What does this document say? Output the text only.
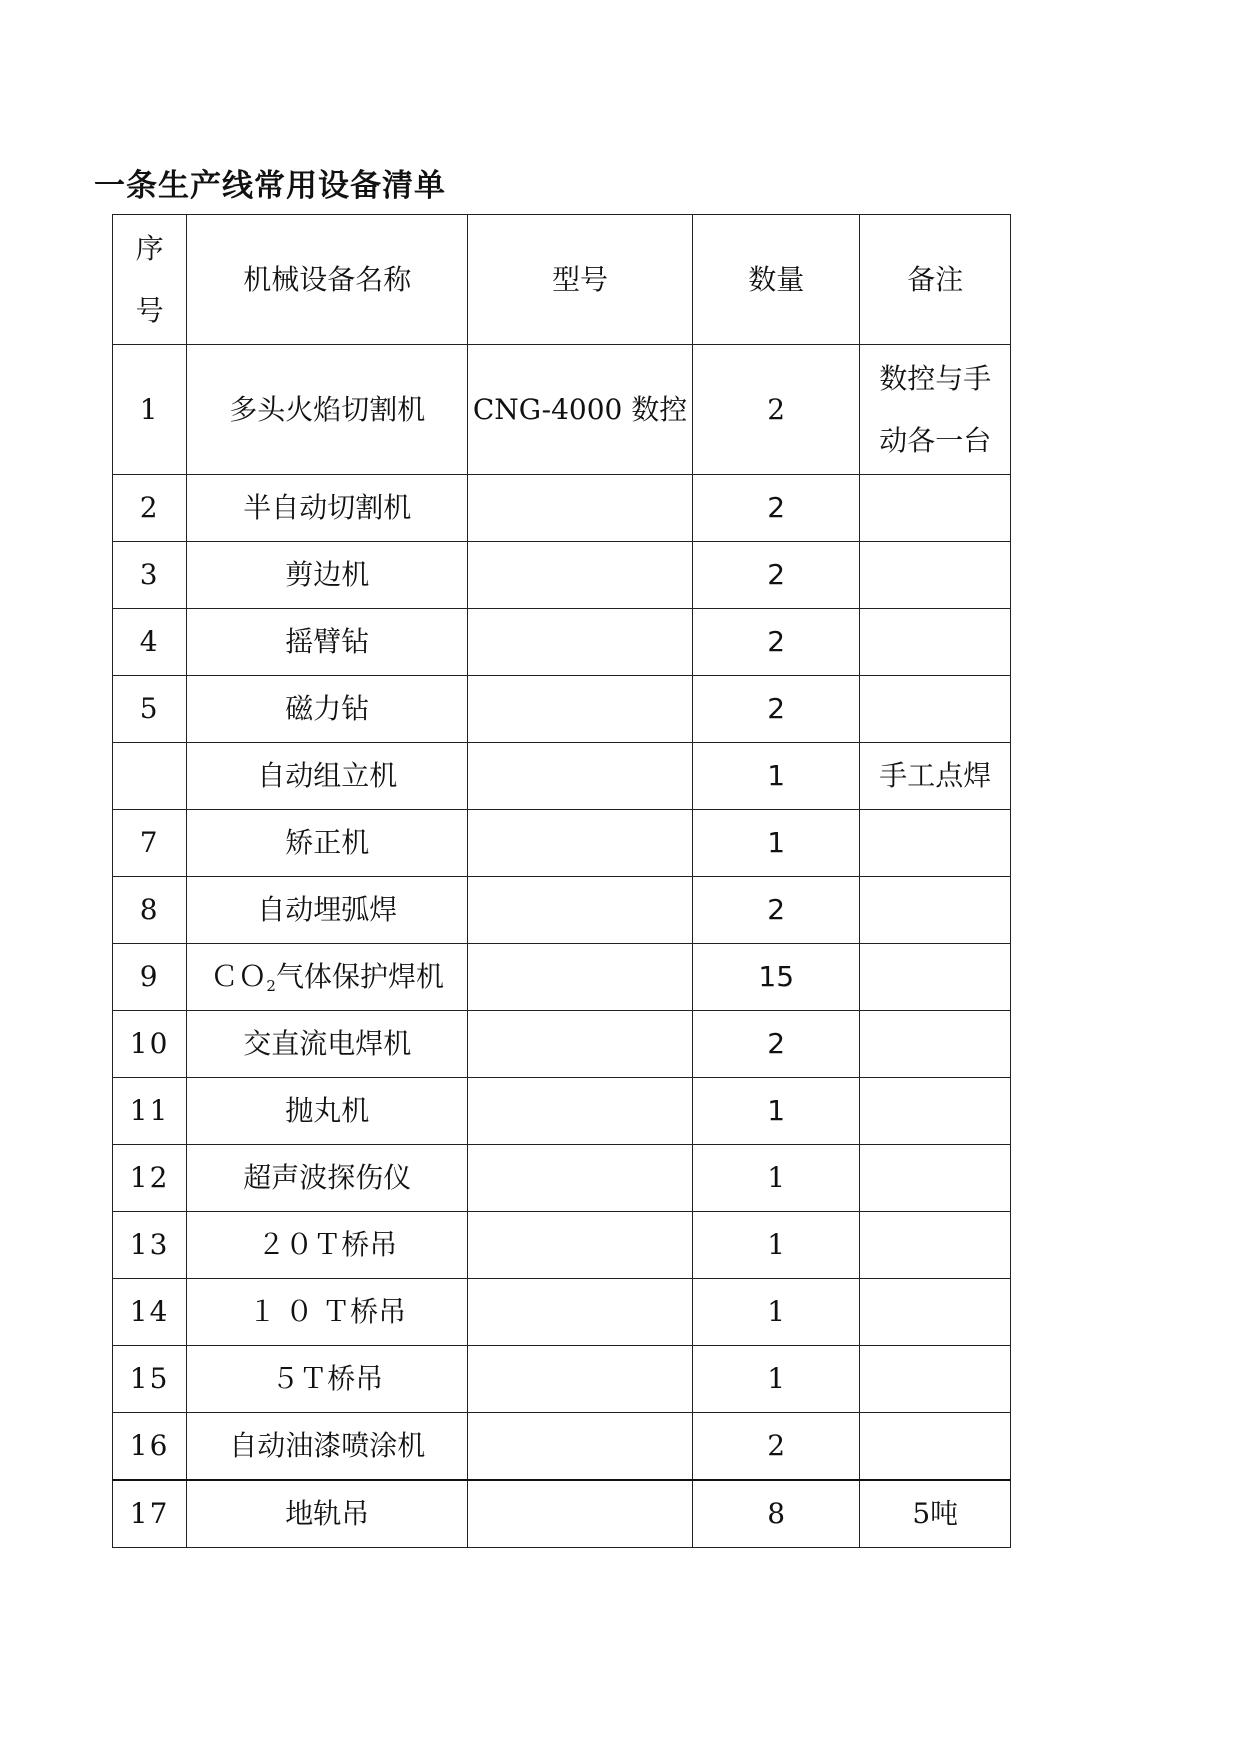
一条生产线常用设备清单
序号	机械设备名称	型号	数量	备注
1	多头火焰切割机	CNG-4000 数控	2	数控与手动各一台
2	半自动切割机		2	
3	剪边机		2	
4	摇臂钻		2	
5	磁力钻		2	
	自动组立机		1	手工点焊
7	矫正机		1	
8	自动埋弧焊		2	
9	ＣＯ$_2$气体保护焊机		15	
10	交直流电焊机		2	
11	抛丸机		1	
12	超声波探伤仪		1	
13	２０Ｔ桥吊		1	
14	１ ０ Ｔ桥吊		1	
15	５Ｔ桥吊		1	
16	自动油漆喷涂机		2	
17	地轨吊		8	5吨
